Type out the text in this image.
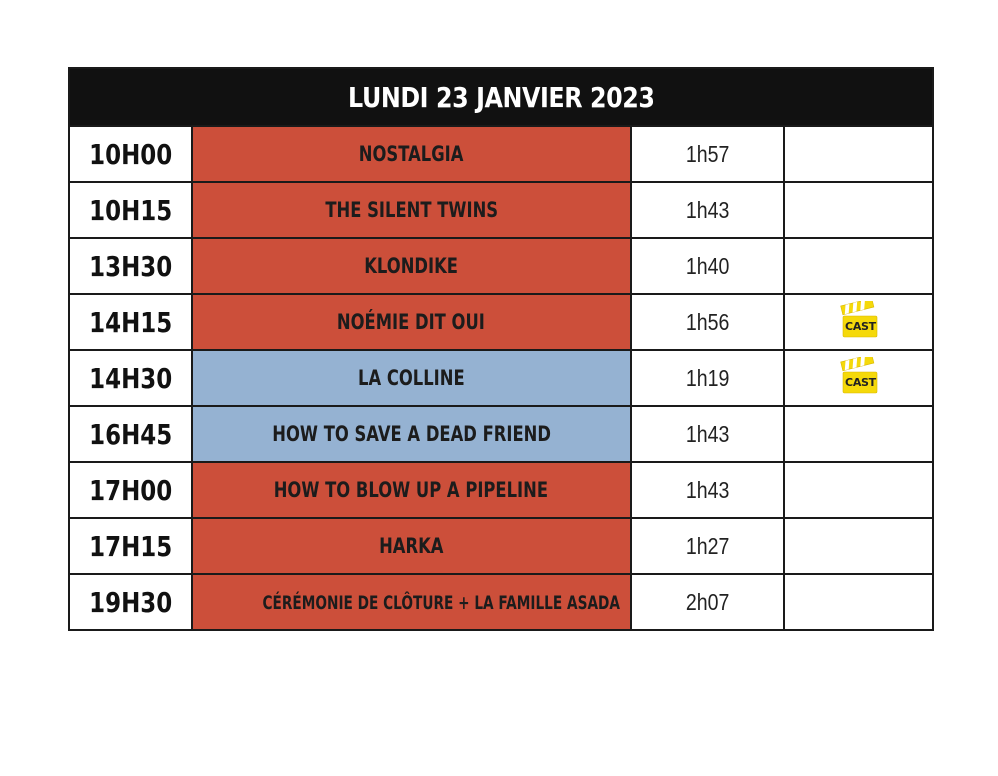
LUNDI 23 JANVIER 2023			
10H00	NOSTALGIA	1h57	
10H15	THE SILENT TWINS	1h43	
13H30	KLONDIKE	1h40	
14H15	NOÉMIE DIT OUI	1h56	CAST

14H30	LA COLLINE	1h19	CAST

16H45	HOW TO SAVE A DEAD FRIEND	1h43	
17H00	HOW TO BLOW UP A PIPELINE	1h43	
17H15	HARKA	1h27	
19H30	CÉRÉMONIE DE CLÔTURE + LA FAMILLE ASADA	2h07	
